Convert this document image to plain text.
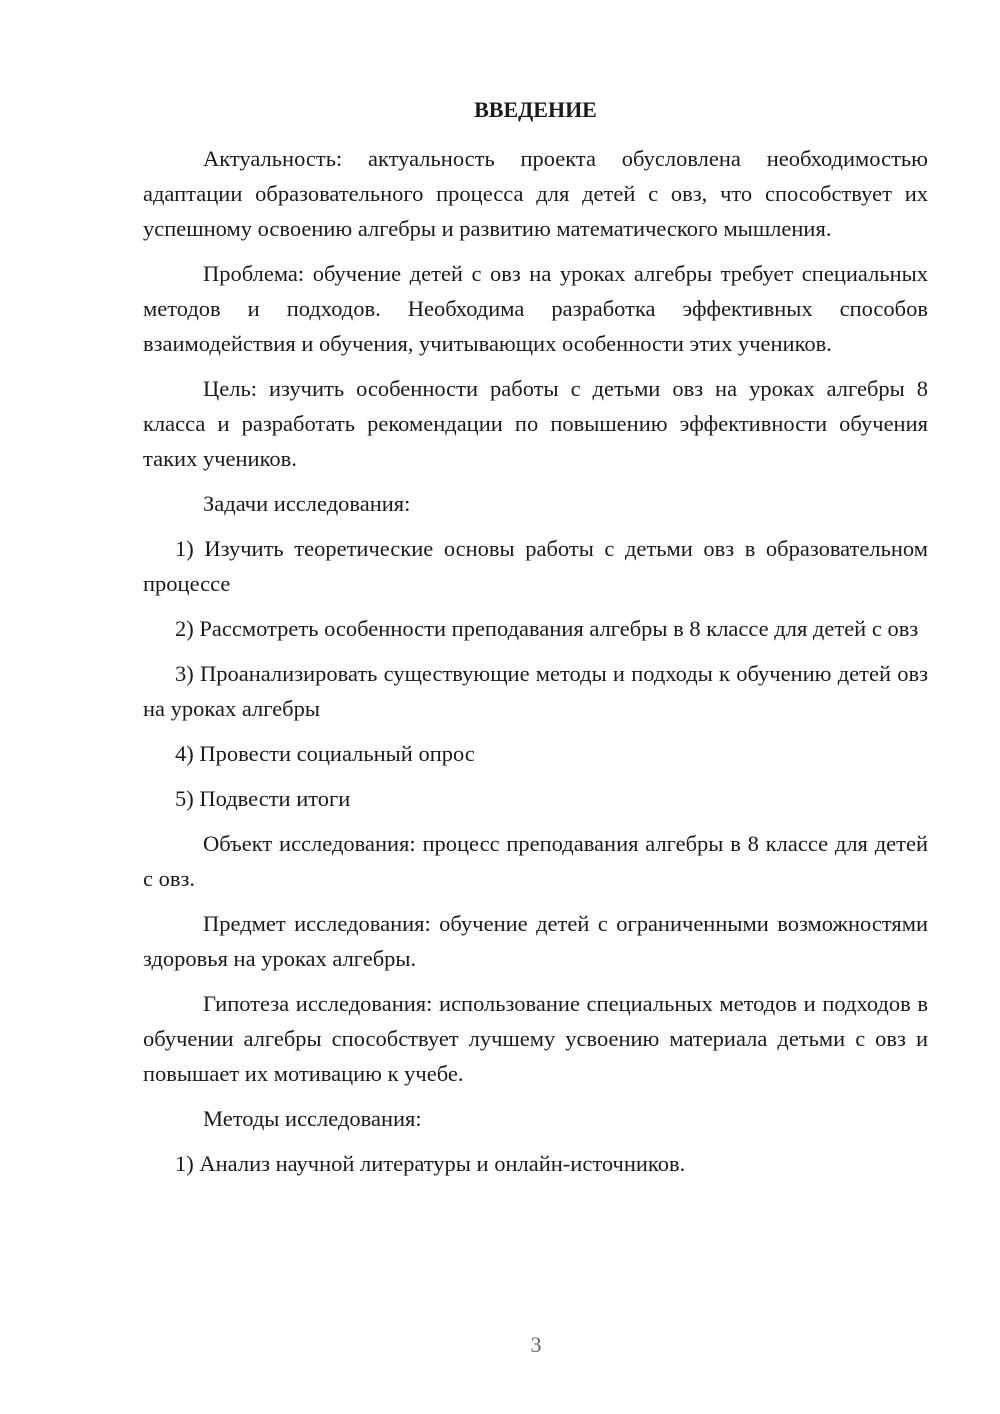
ВВЕДЕНИЕ

Актуальность: актуальность проекта обусловлена необходимостью адаптации образовательного процесса для детей с овз, что способствует их успешному освоению алгебры и развитию математического мышления.

Проблема: обучение детей с овз на уроках алгебры требует специальных методов и подходов. Необходима разработка эффективных способов взаимодействия и обучения, учитывающих особенности этих учеников.

Цель: изучить особенности работы с детьми овз на уроках алгебры 8 класса и разработать рекомендации по повышению эффективности обучения таких учеников.

Задачи исследования:

1) Изучить теоретические основы работы с детьми овз в образовательном процессе

2) Рассмотреть особенности преподавания алгебры в 8 классе для детей с овз

3) Проанализировать существующие методы и подходы к обучению детей овз на уроках алгебры

4) Провести социальный опрос

5) Подвести итоги

Объект исследования: процесс преподавания алгебры в 8 классе для детей с овз.

Предмет исследования: обучение детей с ограниченными возможностями здоровья на уроках алгебры.

Гипотеза исследования: использование специальных методов и подходов в обучении алгебры способствует лучшему усвоению материала детьми с овз и повышает их мотивацию к учебе.

Методы исследования:

1) Анализ научной литературы и онлайн-источников.

3
